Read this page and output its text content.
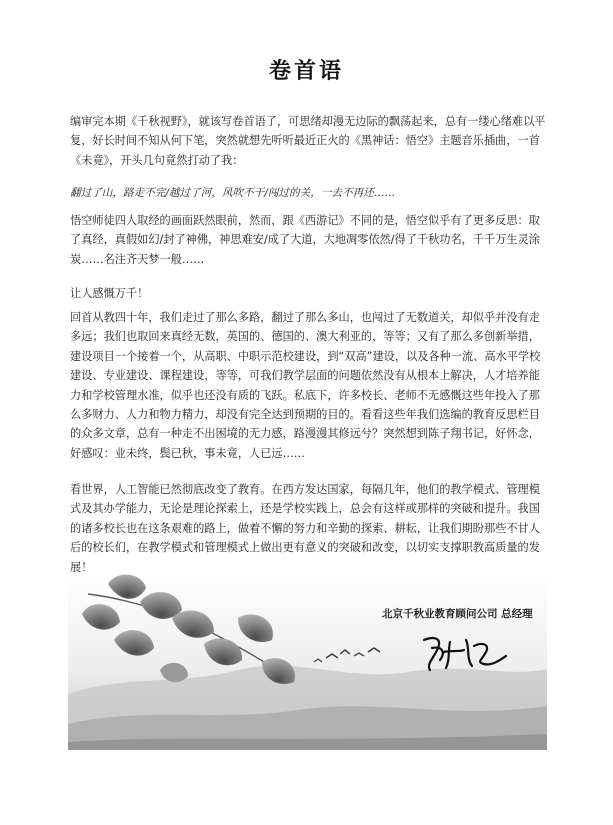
卷首语

编审完本期《千秋视野》，就该写卷首语了，可思绪却漫无边际的飘荡起来，总有一缕心绪难以平复，好长时间不知从何下笔，突然就想先听听最近正火的《黑神话：悟空》主题音乐插曲，一首《未竟》，开头几句竟然打动了我：

翻过了山，路走不完/越过了河，风吹不干/闯过的关，一去不再还……

悟空师徒四人取经的画面跃然眼前，然而，跟《西游记》不同的是，悟空似乎有了更多反思：取了真经，真假如幻/封了神佛，神思难安/成了大道，大地凋零依然/得了千秋功名，千千万生灵涂炭……名注齐天梦一般……

让人感慨万千！

回首从教四十年，我们走过了那么多路，翻过了那么多山，也闯过了无数道关，却似乎并没有走多远；我们也取回来真经无数，英国的、德国的、澳大利亚的，等等；又有了那么多创新举措，建设项目一个接着一个，从高职、中职示范校建设，到“双高”建设，以及各种一流、高水平学校建设、专业建设、课程建设，等等，可我们教学层面的问题依然没有从根本上解决，人才培养能力和学校管理水准，似乎也还没有质的飞跃。私底下，许多校长、老师不无感慨这些年投入了那么多财力、人力和物力精力，却没有完全达到预期的目的。看看这些年我们选编的教育反思栏目的众多文章，总有一种走不出困境的无力感，路漫漫其修远兮？突然想到陈子翔书记，好怀念，好感叹：业未终，鬓已秋，事未竟，人已远……

看世界，人工智能已然彻底改变了教育。在西方发达国家，每隔几年，他们的教学模式、管理模式及其办学能力，无论是理论探索上，还是学校实践上，总会有这样或那样的突破和提升。我国的诸多校长也在这条艰难的路上，做着不懈的努力和辛勤的探索、耕耘，让我们期盼那些不甘人后的校长们，在教学模式和管理模式上做出更有意义的突破和改变，以切实支撑职教高质量的发展！

北京千秋业教育顾问公司 总经理
